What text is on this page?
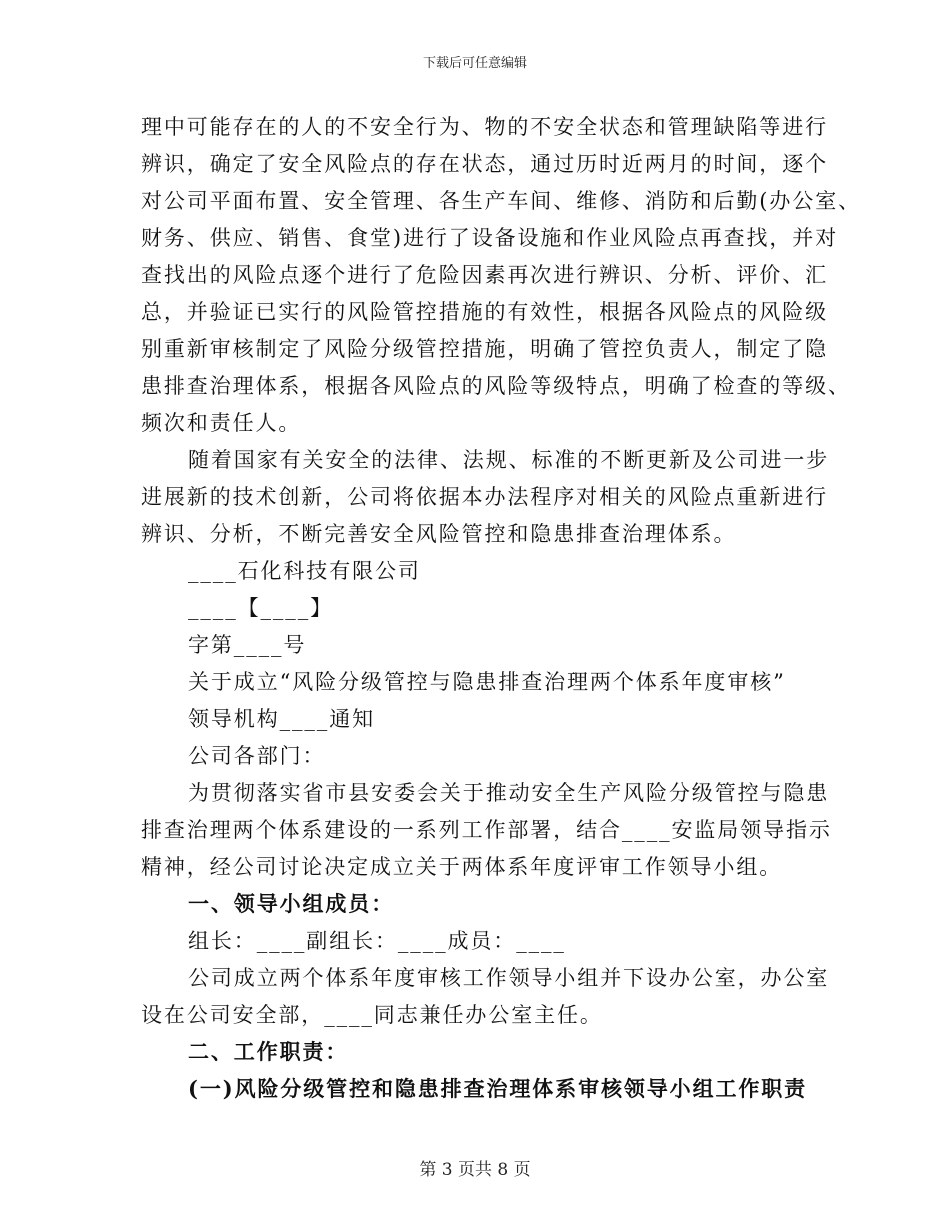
下载后可任意编辑
理中可能存在的人的不安全行为、物的不安全状态和管理缺陷等进行
辨识，确定了安全风险点的存在状态，通过历时近两月的时间，逐个
对公司平面布置、安全管理、各生产车间、维修、消防和后勤(办公室、
财务、供应、销售、食堂)进行了设备设施和作业风险点再查找，并对
查找出的风险点逐个进行了危险因素再次进行辨识、分析、评价、汇
总，并验证已实行的风险管控措施的有效性，根据各风险点的风险级
别重新审核制定了风险分级管控措施，明确了管控负责人，制定了隐
患排查治理体系，根据各风险点的风险等级特点，明确了检查的等级、
频次和责任人。
随着国家有关安全的法律、法规、标准的不断更新及公司进一步
进展新的技术创新，公司将依据本办法程序对相关的风险点重新进行
辨识、分析，不断完善安全风险管控和隐患排查治理体系。
____石化科技有限公司
____【____】
字第____号
关于成立“风险分级管控与隐患排查治理两个体系年度审核”
领导机构____通知
公司各部门：
为贯彻落实省市县安委会关于推动安全生产风险分级管控与隐患
排查治理两个体系建设的一系列工作部署，结合____安监局领导指示
精神，经公司讨论决定成立关于两体系年度评审工作领导小组。
一、领导小组成员：
组长：____副组长：____成员：____
公司成立两个体系年度审核工作领导小组并下设办公室，办公室
设在公司安全部，____同志兼任办公室主任。
二、工作职责：
(一)风险分级管控和隐患排查治理体系审核领导小组工作职责
第 3 页共 8 页
